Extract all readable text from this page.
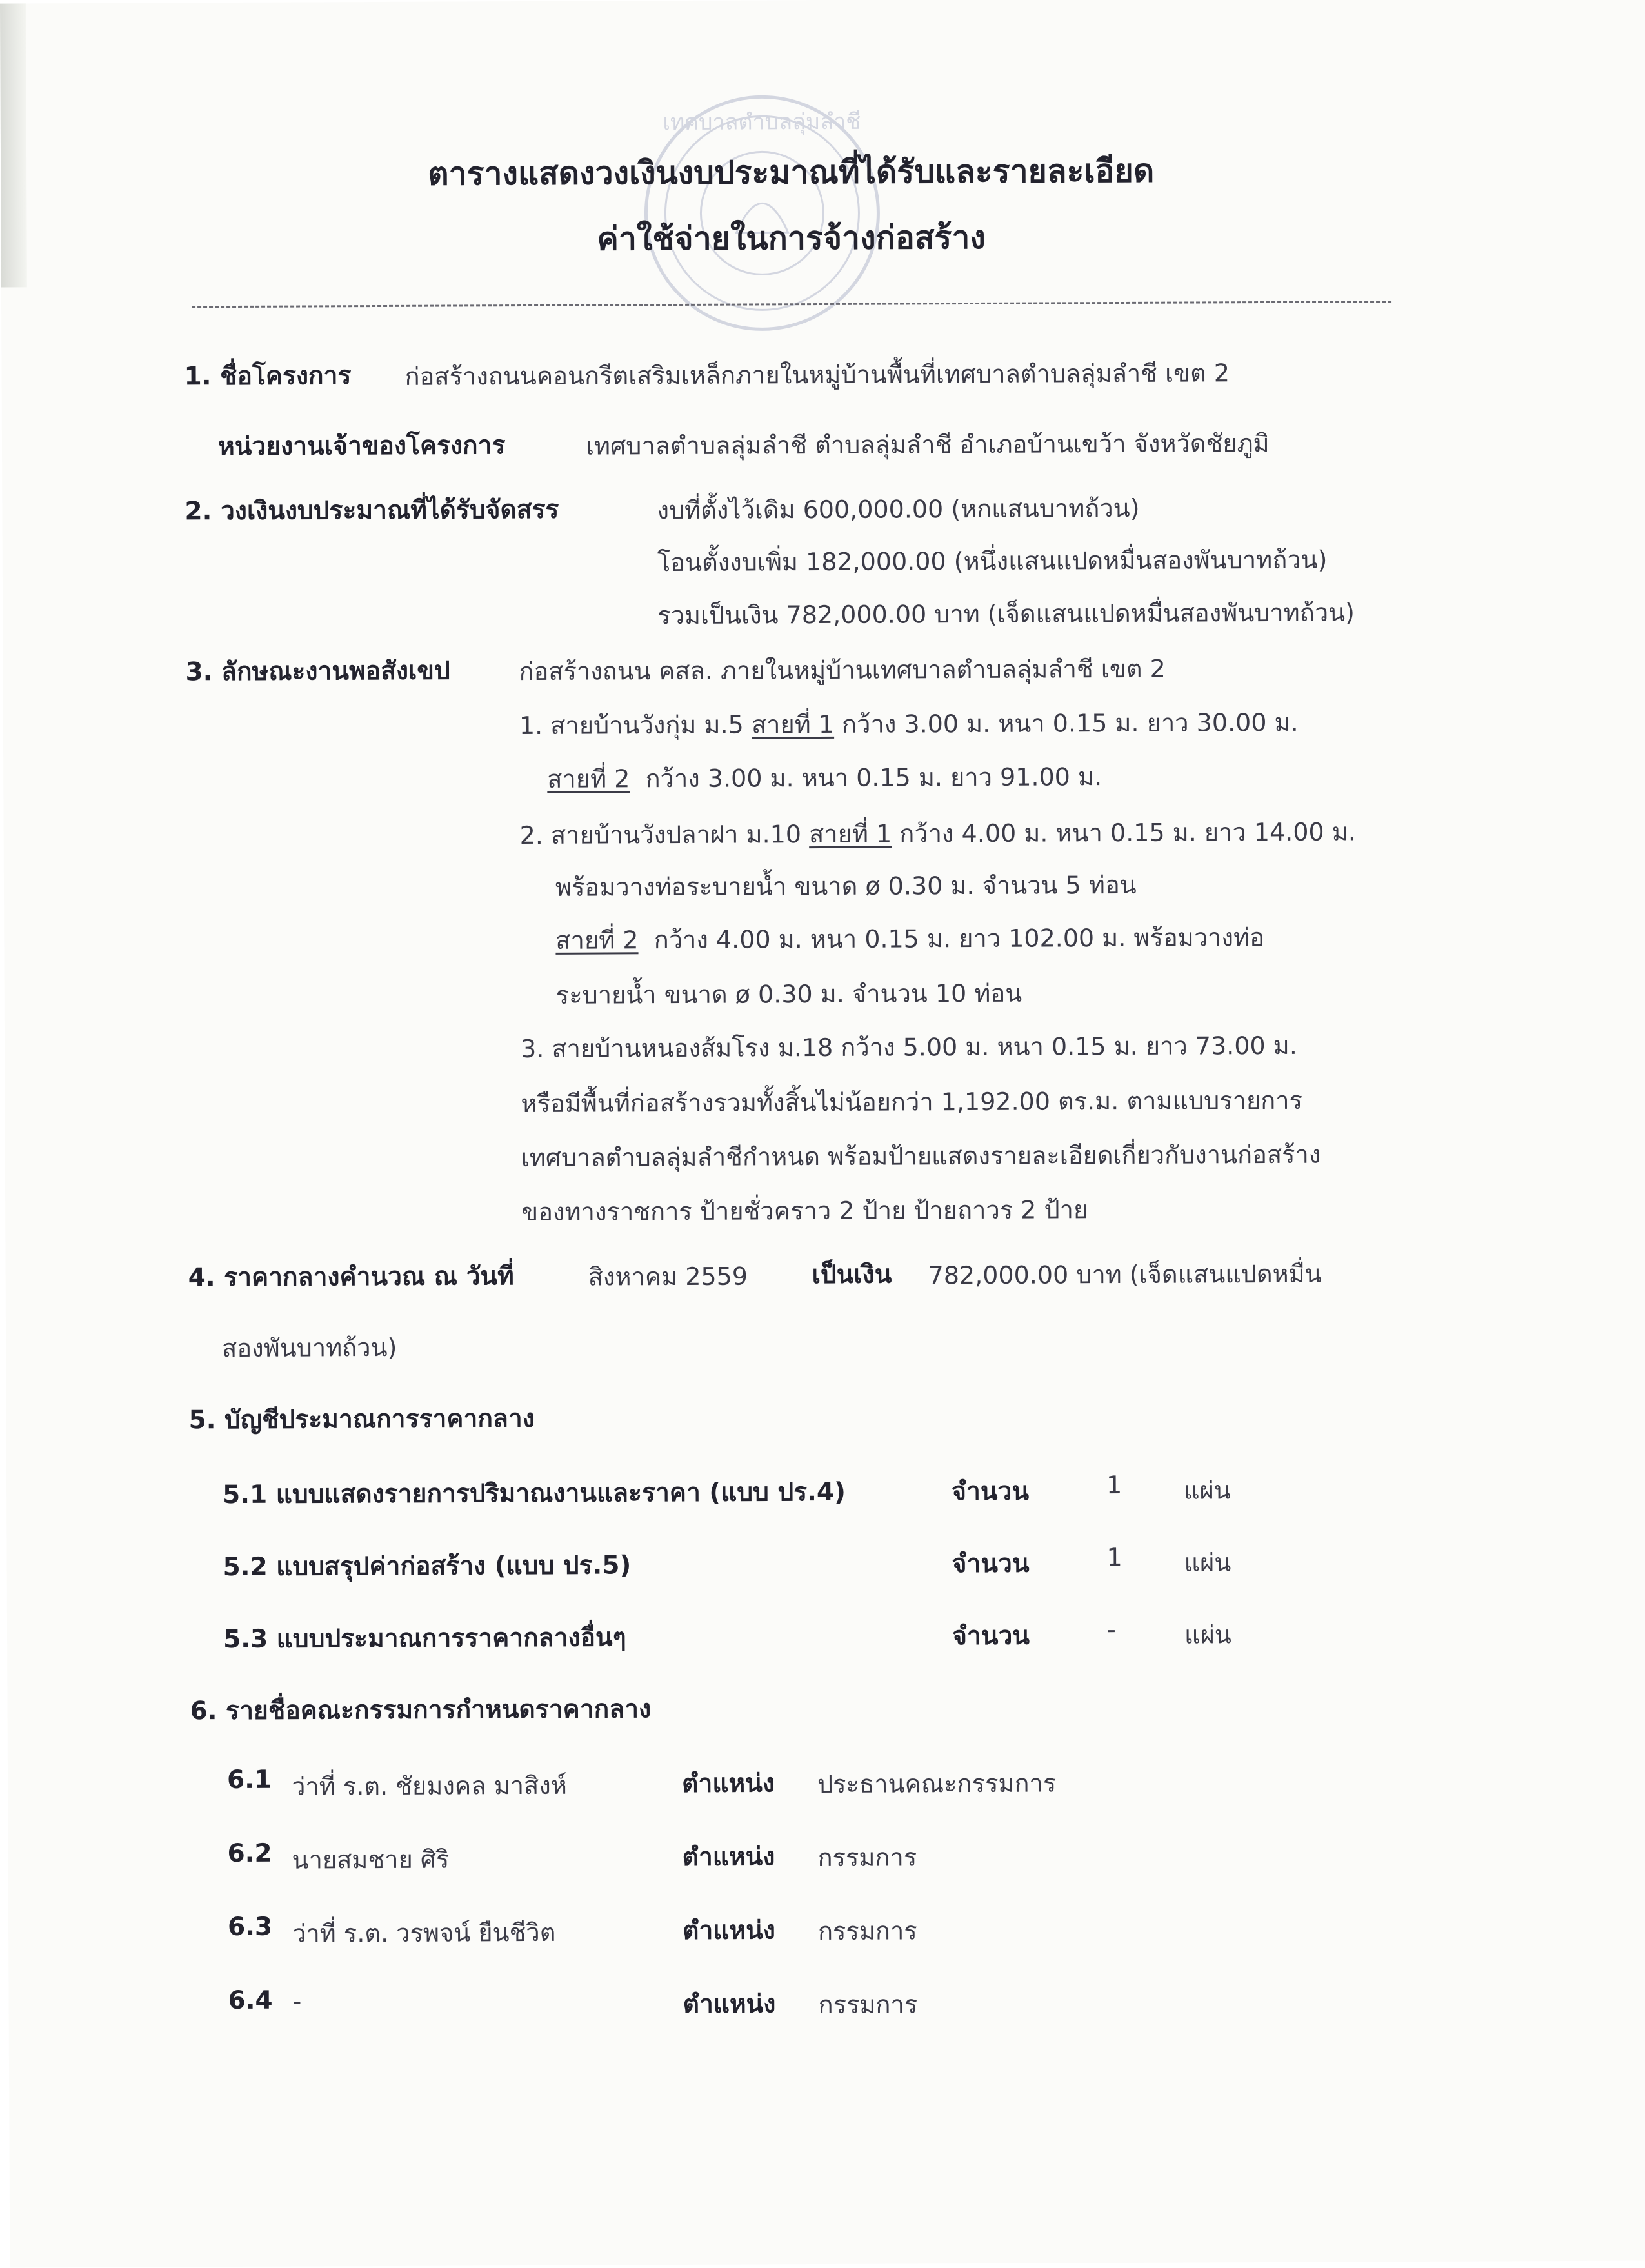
เทศบาลตำบลลุ่มลำชี
ตารางแสดงวงเงินงบประมาณที่ได้รับและรายละเอียด
ค่าใช้จ่ายในการจ้างก่อสร้าง
1. ชื่อโครงการ ก่อสร้างถนนคอนกรีตเสริมเหล็กภายในหมู่บ้านพื้นที่เทศบาลตำบลลุ่มลำชี เขต 2
หน่วยงานเจ้าของโครงการ	เทศบาลตำบลลุ่มลำชี ตำบลลุ่มลำชี อำเภอบ้านเขว้า จังหวัดชัยภูมิ
2. วงเงินงบประมาณที่ได้รับจัดสรร	งบที่ตั้งไว้เดิม 600,000.00 (หกแสนบาทถ้วน)
โอนตั้งงบเพิ่ม 182,000.00 (หนึ่งแสนแปดหมื่นสองพันบาทถ้วน)
รวมเป็นเงิน 782,000.00 บาท (เจ็ดแสนแปดหมื่นสองพันบาทถ้วน)
3. ลักษณะงานพอสังเขป	ก่อสร้างถนน คสล. ภายในหมู่บ้านเทศบาลตำบลลุ่มลำชี เขต 2
1. สายบ้านวังกุ่ม ม.5 สายที่ 1 กว้าง 3.00 ม. หนา 0.15 ม. ยาว 30.00 ม.
สายที่ 2 กว้าง 3.00 ม. หนา 0.15 ม. ยาว 91.00 ม.
2. สายบ้านวังปลาฝา ม.10 สายที่ 1 กว้าง 4.00 ม. หนา 0.15 ม. ยาว 14.00 ม.
พร้อมวางท่อระบายน้ำ ขนาด ø 0.30 ม. จำนวน 5 ท่อน
สายที่ 2 กว้าง 4.00 ม. หนา 0.15 ม. ยาว 102.00 ม. พร้อมวางท่อ
ระบายน้ำ ขนาด ø 0.30 ม. จำนวน 10 ท่อน
3. สายบ้านหนองส้มโรง ม.18 กว้าง 5.00 ม. หนา 0.15 ม. ยาว 73.00 ม.
หรือมีพื้นที่ก่อสร้างรวมทั้งสิ้นไม่น้อยกว่า 1,192.00 ตร.ม. ตามแบบรายการ
เทศบาลตำบลลุ่มลำชีกำหนด พร้อมป้ายแสดงรายละเอียดเกี่ยวกับงานก่อสร้าง
ของทางราชการ ป้ายชั่วคราว 2 ป้าย ป้ายถาวร 2 ป้าย
4. ราคากลางคำนวณ ณ วันที่	สิงหาคม 2559	เป็นเงิน 782,000.00 บาท (เจ็ดแสนแปดหมื่น
สองพันบาทถ้วน)
5. บัญชีประมาณการราคากลาง
5.1 แบบแสดงรายการปริมาณงานและราคา (แบบ ปร.4)	จำนวน	1	แผ่น
5.2 แบบสรุปค่าก่อสร้าง (แบบ ปร.5)	จำนวน	1	แผ่น
5.3 แบบประมาณการราคากลางอื่นๆ	จำนวน	-	แผ่น
6. รายชื่อคณะกรรมการกำหนดราคากลาง
6.1 ว่าที่ ร.ต. ชัยมงคล มาสิงห์	ตำแหน่ง ประธานคณะกรรมการ
6.2 นายสมชาย ศิริ	ตำแหน่ง กรรมการ
6.3 ว่าที่ ร.ต. วรพจน์ ยืนชีวิต	ตำแหน่ง กรรมการ
6.4 -	ตำแหน่ง กรรมการ
